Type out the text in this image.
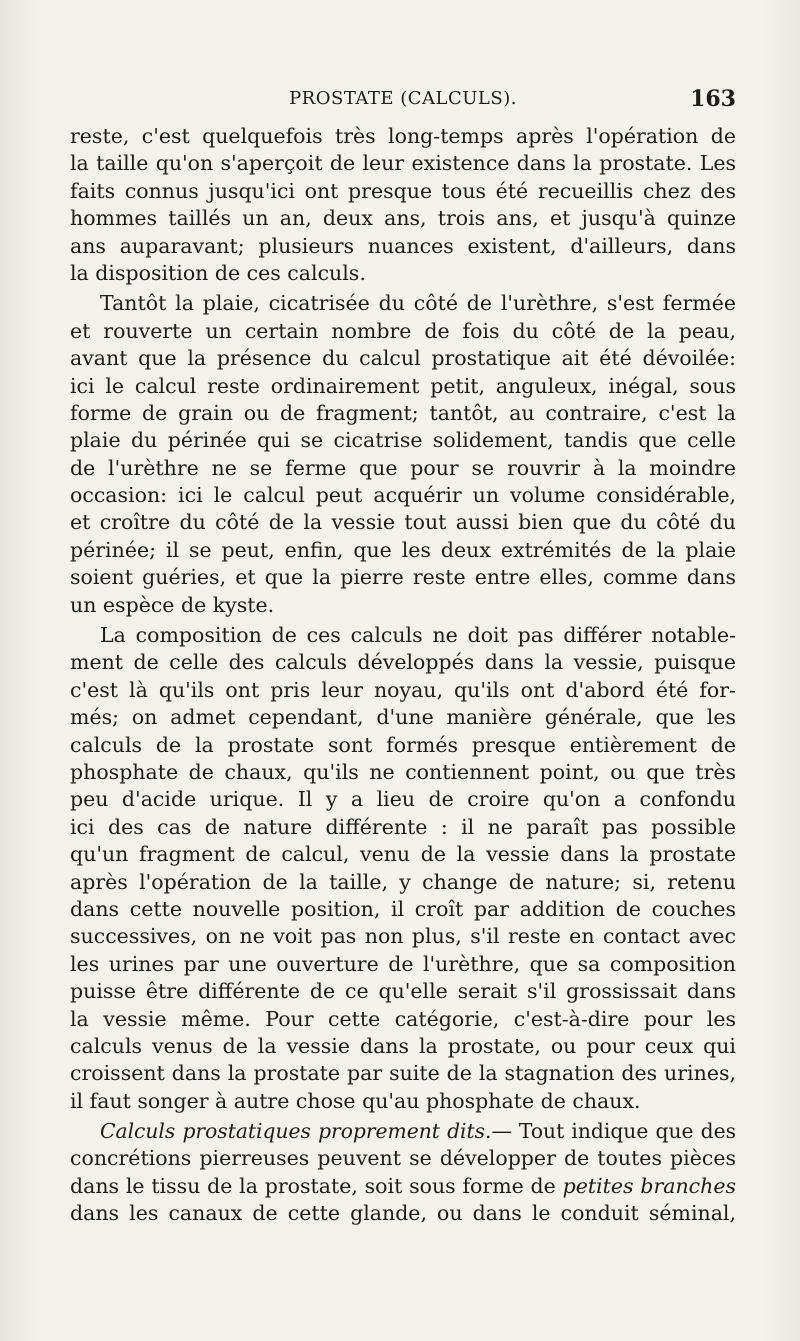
PROSTATE (CALCULS).	163
reste, c'est quelquefois très long-temps après l'opération de
la taille qu'on s'aperçoit de leur existence dans la prostate. Les
faits connus jusqu'ici ont presque tous été recueillis chez des
hommes taillés un an, deux ans, trois ans, et jusqu'à quinze
ans auparavant; plusieurs nuances existent, d'ailleurs, dans
la disposition de ces calculs.
Tantôt la plaie, cicatrisée du côté de l'urèthre, s'est fermée
et rouverte un certain nombre de fois du côté de la peau,
avant que la présence du calcul prostatique ait été dévoilée:
ici le calcul reste ordinairement petit, anguleux, inégal, sous
forme de grain ou de fragment; tantôt, au contraire, c'est la
plaie du périnée qui se cicatrise solidement, tandis que celle
de l'urèthre ne se ferme que pour se rouvrir à la moindre
occasion: ici le calcul peut acquérir un volume considérable,
et croître du côté de la vessie tout aussi bien que du côté du
périnée; il se peut, enfin, que les deux extrémités de la plaie
soient guéries, et que la pierre reste entre elles, comme dans
un espèce de kyste.
La composition de ces calculs ne doit pas différer notable-
ment de celle des calculs développés dans la vessie, puisque
c'est là qu'ils ont pris leur noyau, qu'ils ont d'abord été for-
més; on admet cependant, d'une manière générale, que les
calculs de la prostate sont formés presque entièrement de
phosphate de chaux, qu'ils ne contiennent point, ou que très
peu d'acide urique. Il y a lieu de croire qu'on a confondu
ici des cas de nature différente : il ne paraît pas possible
qu'un fragment de calcul, venu de la vessie dans la prostate
après l'opération de la taille, y change de nature; si, retenu
dans cette nouvelle position, il croît par addition de couches
successives, on ne voit pas non plus, s'il reste en contact avec
les urines par une ouverture de l'urèthre, que sa composition
puisse être différente de ce qu'elle serait s'il grossissait dans
la vessie même. Pour cette catégorie, c'est-à-dire pour les
calculs venus de la vessie dans la prostate, ou pour ceux qui
croissent dans la prostate par suite de la stagnation des urines,
il faut songer à autre chose qu'au phosphate de chaux.
Calculs prostatiques proprement dits.— Tout indique que des
concrétions pierreuses peuvent se développer de toutes pièces
dans le tissu de la prostate, soit sous forme de petites branches
dans les canaux de cette glande, ou dans le conduit séminal,
